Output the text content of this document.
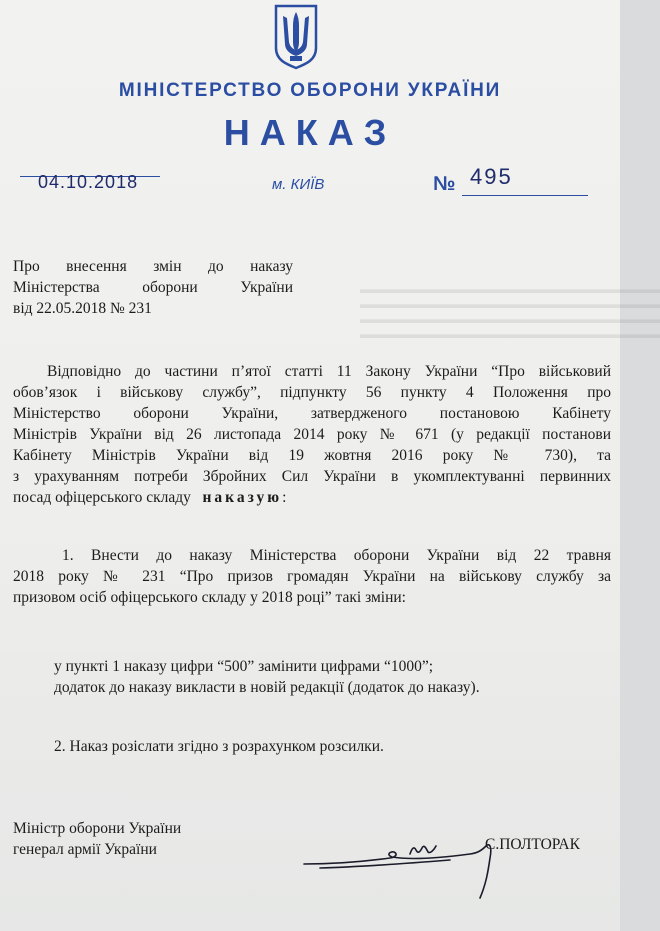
▬▬▬▬▬▬▬▬▬▬▬▬▬▬▬▬▬▬▬▬▬▬▬▬▬
▬▬▬▬▬▬▬▬▬▬▬▬▬▬▬▬▬▬▬▬▬▬▬▬▬
▬▬▬▬▬▬▬▬▬▬▬▬▬▬▬▬▬▬▬▬▬▬▬▬▬
▬▬▬▬▬▬▬▬▬▬▬▬▬▬▬▬▬▬▬▬▬▬▬▬▬
МІНІСТЕРСТВО ОБОРОНИ УКРАЇНИ
НАКАЗ
04.10.2018	м. КИЇВ	№ 495
Про внесення змін до наказу
Міністерства оборони України
від 22.05.2018 № 231
Відповідно до частини п’ятої статті 11 Закону України “Про військовий
обов’язок і військову службу”, підпункту 56 пункту 4 Положення про
Міністерство оборони України, затвердженого постановою Кабінету
Міністрів України від 26 листопада 2014 року № 671 (у редакції постанови
Кабінету Міністрів України від 19 жовтня 2016 року № 730), та
з урахуванням потреби Збройних Сил України в укомплектуванні первинних
посад офіцерського складу наказую:
1. Внести до наказу Міністерства оборони України від 22 травня
2018 року № 231 “Про призов громадян України на військову службу за
призовом осіб офіцерського складу у 2018 році” такі зміни:
у пункті 1 наказу цифри “500” замінити цифрами “1000”;
додаток до наказу викласти в новій редакції (додаток до наказу).
2. Наказ розіслати згідно з розрахунком розсилки.
Міністр оборони України
генерал армії України	С.ПОЛТОРАК
